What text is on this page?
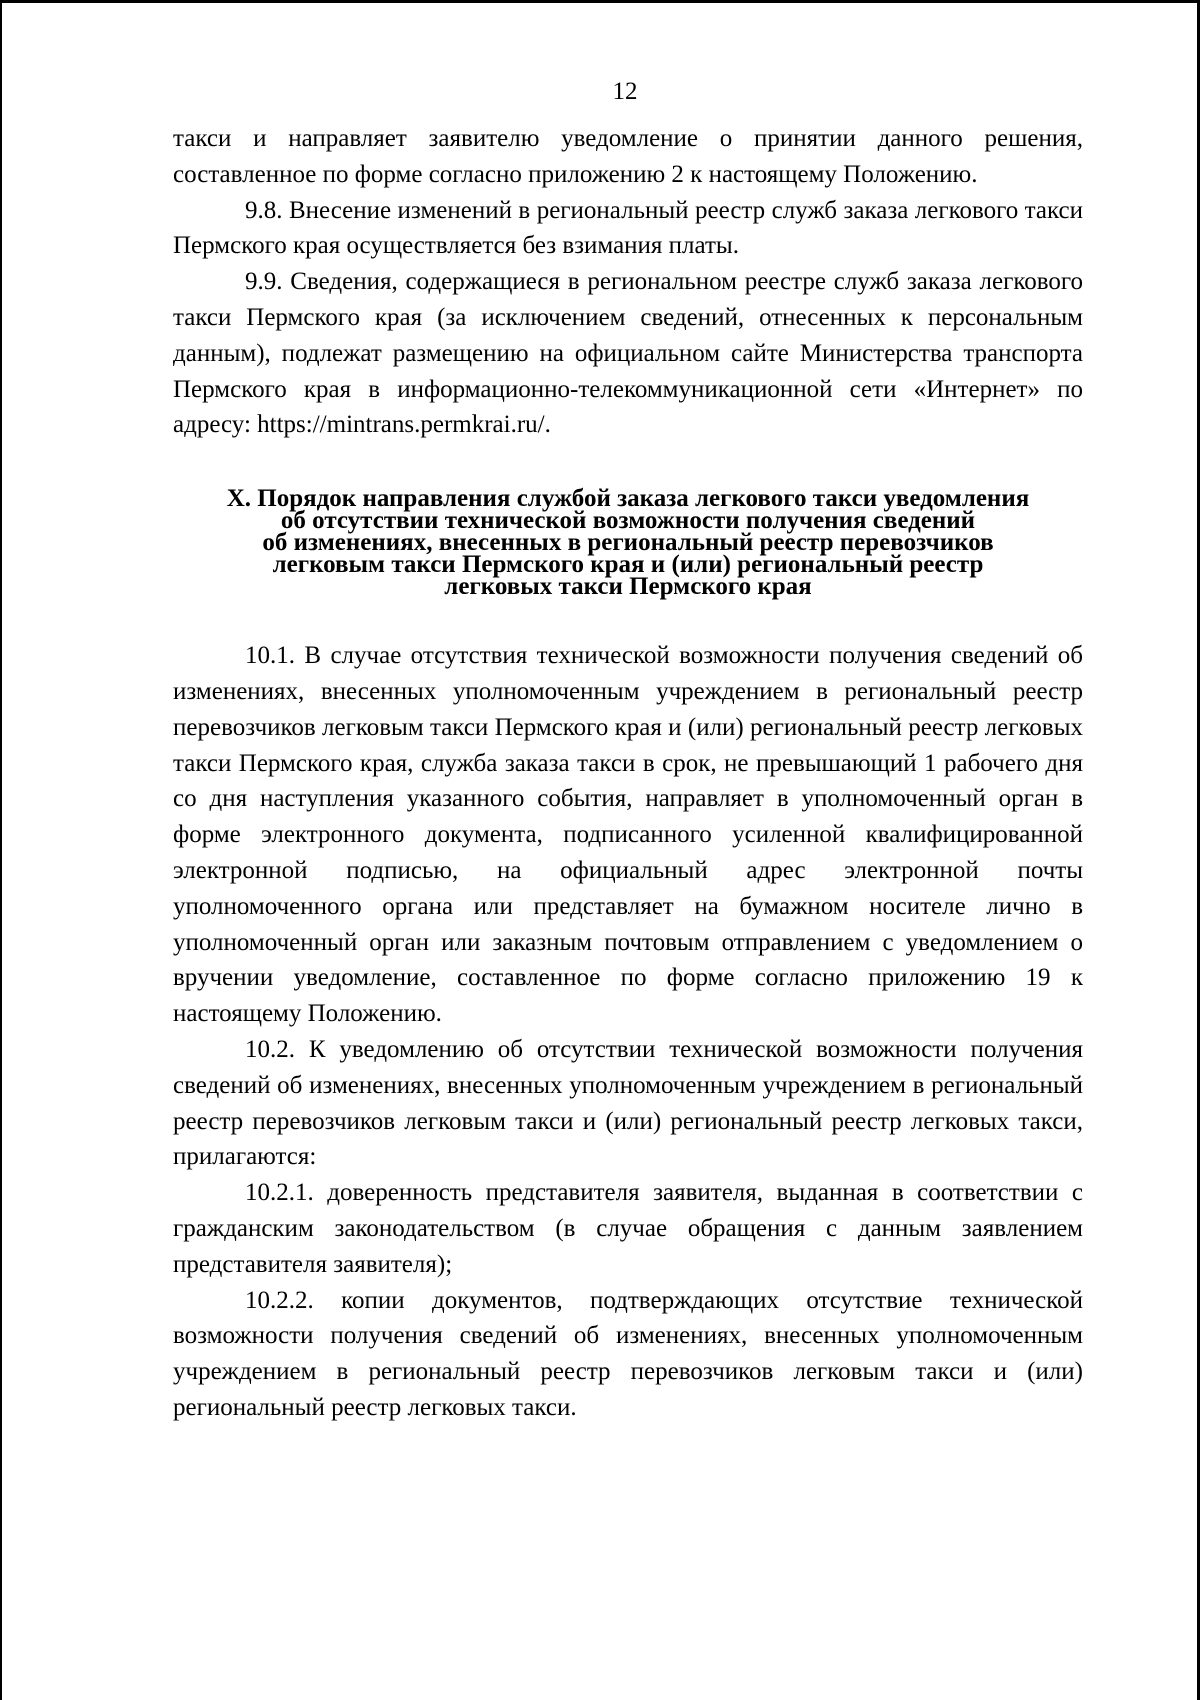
12

такси и направляет заявителю уведомление о принятии данного решения, составленное по форме согласно приложению 2 к настоящему Положению.

9.8. Внесение изменений в региональный реестр служб заказа легкового такси Пермского края осуществляется без взимания платы.

9.9. Сведения, содержащиеся в региональном реестре служб заказа легкового такси Пермского края (за исключением сведений, отнесенных к персональным данным), подлежат размещению на официальном сайте Министерства транспорта Пермского края в информационно-телекоммуникационной сети «Интернет» по адресу: https://mintrans.permkrai.ru/.

X. Порядок направления службой заказа легкового такси уведомления
об отсутствии технической возможности получения сведений
об изменениях, внесенных в региональный реестр перевозчиков
легковым такси Пермского края и (или) региональный реестр
легковых такси Пермского края

10.1. В случае отсутствия технической возможности получения сведений об изменениях, внесенных уполномоченным учреждением в региональный реестр перевозчиков легковым такси Пермского края и (или) региональный реестр легковых такси Пермского края, служба заказа такси в срок, не превышающий 1 рабочего дня со дня наступления указанного события, направляет в уполномоченный орган в форме электронного документа, подписанного усиленной квалифицированной электронной подписью, на официальный адрес электронной почты уполномоченного органа или представляет на бумажном носителе лично в уполномоченный орган или заказным почтовым отправлением с уведомлением о вручении уведомление, составленное по форме согласно приложению 19 к настоящему Положению.

10.2. К уведомлению об отсутствии технической возможности получения сведений об изменениях, внесенных уполномоченным учреждением в региональный реестр перевозчиков легковым такси и (или) региональный реестр легковых такси, прилагаются:

10.2.1. доверенность представителя заявителя, выданная в соответствии с гражданским законодательством (в случае обращения с данным заявлением представителя заявителя);

10.2.2. копии документов, подтверждающих отсутствие технической возможности получения сведений об изменениях, внесенных уполномоченным учреждением в региональный реестр перевозчиков легковым такси и (или) региональный реестр легковых такси.
